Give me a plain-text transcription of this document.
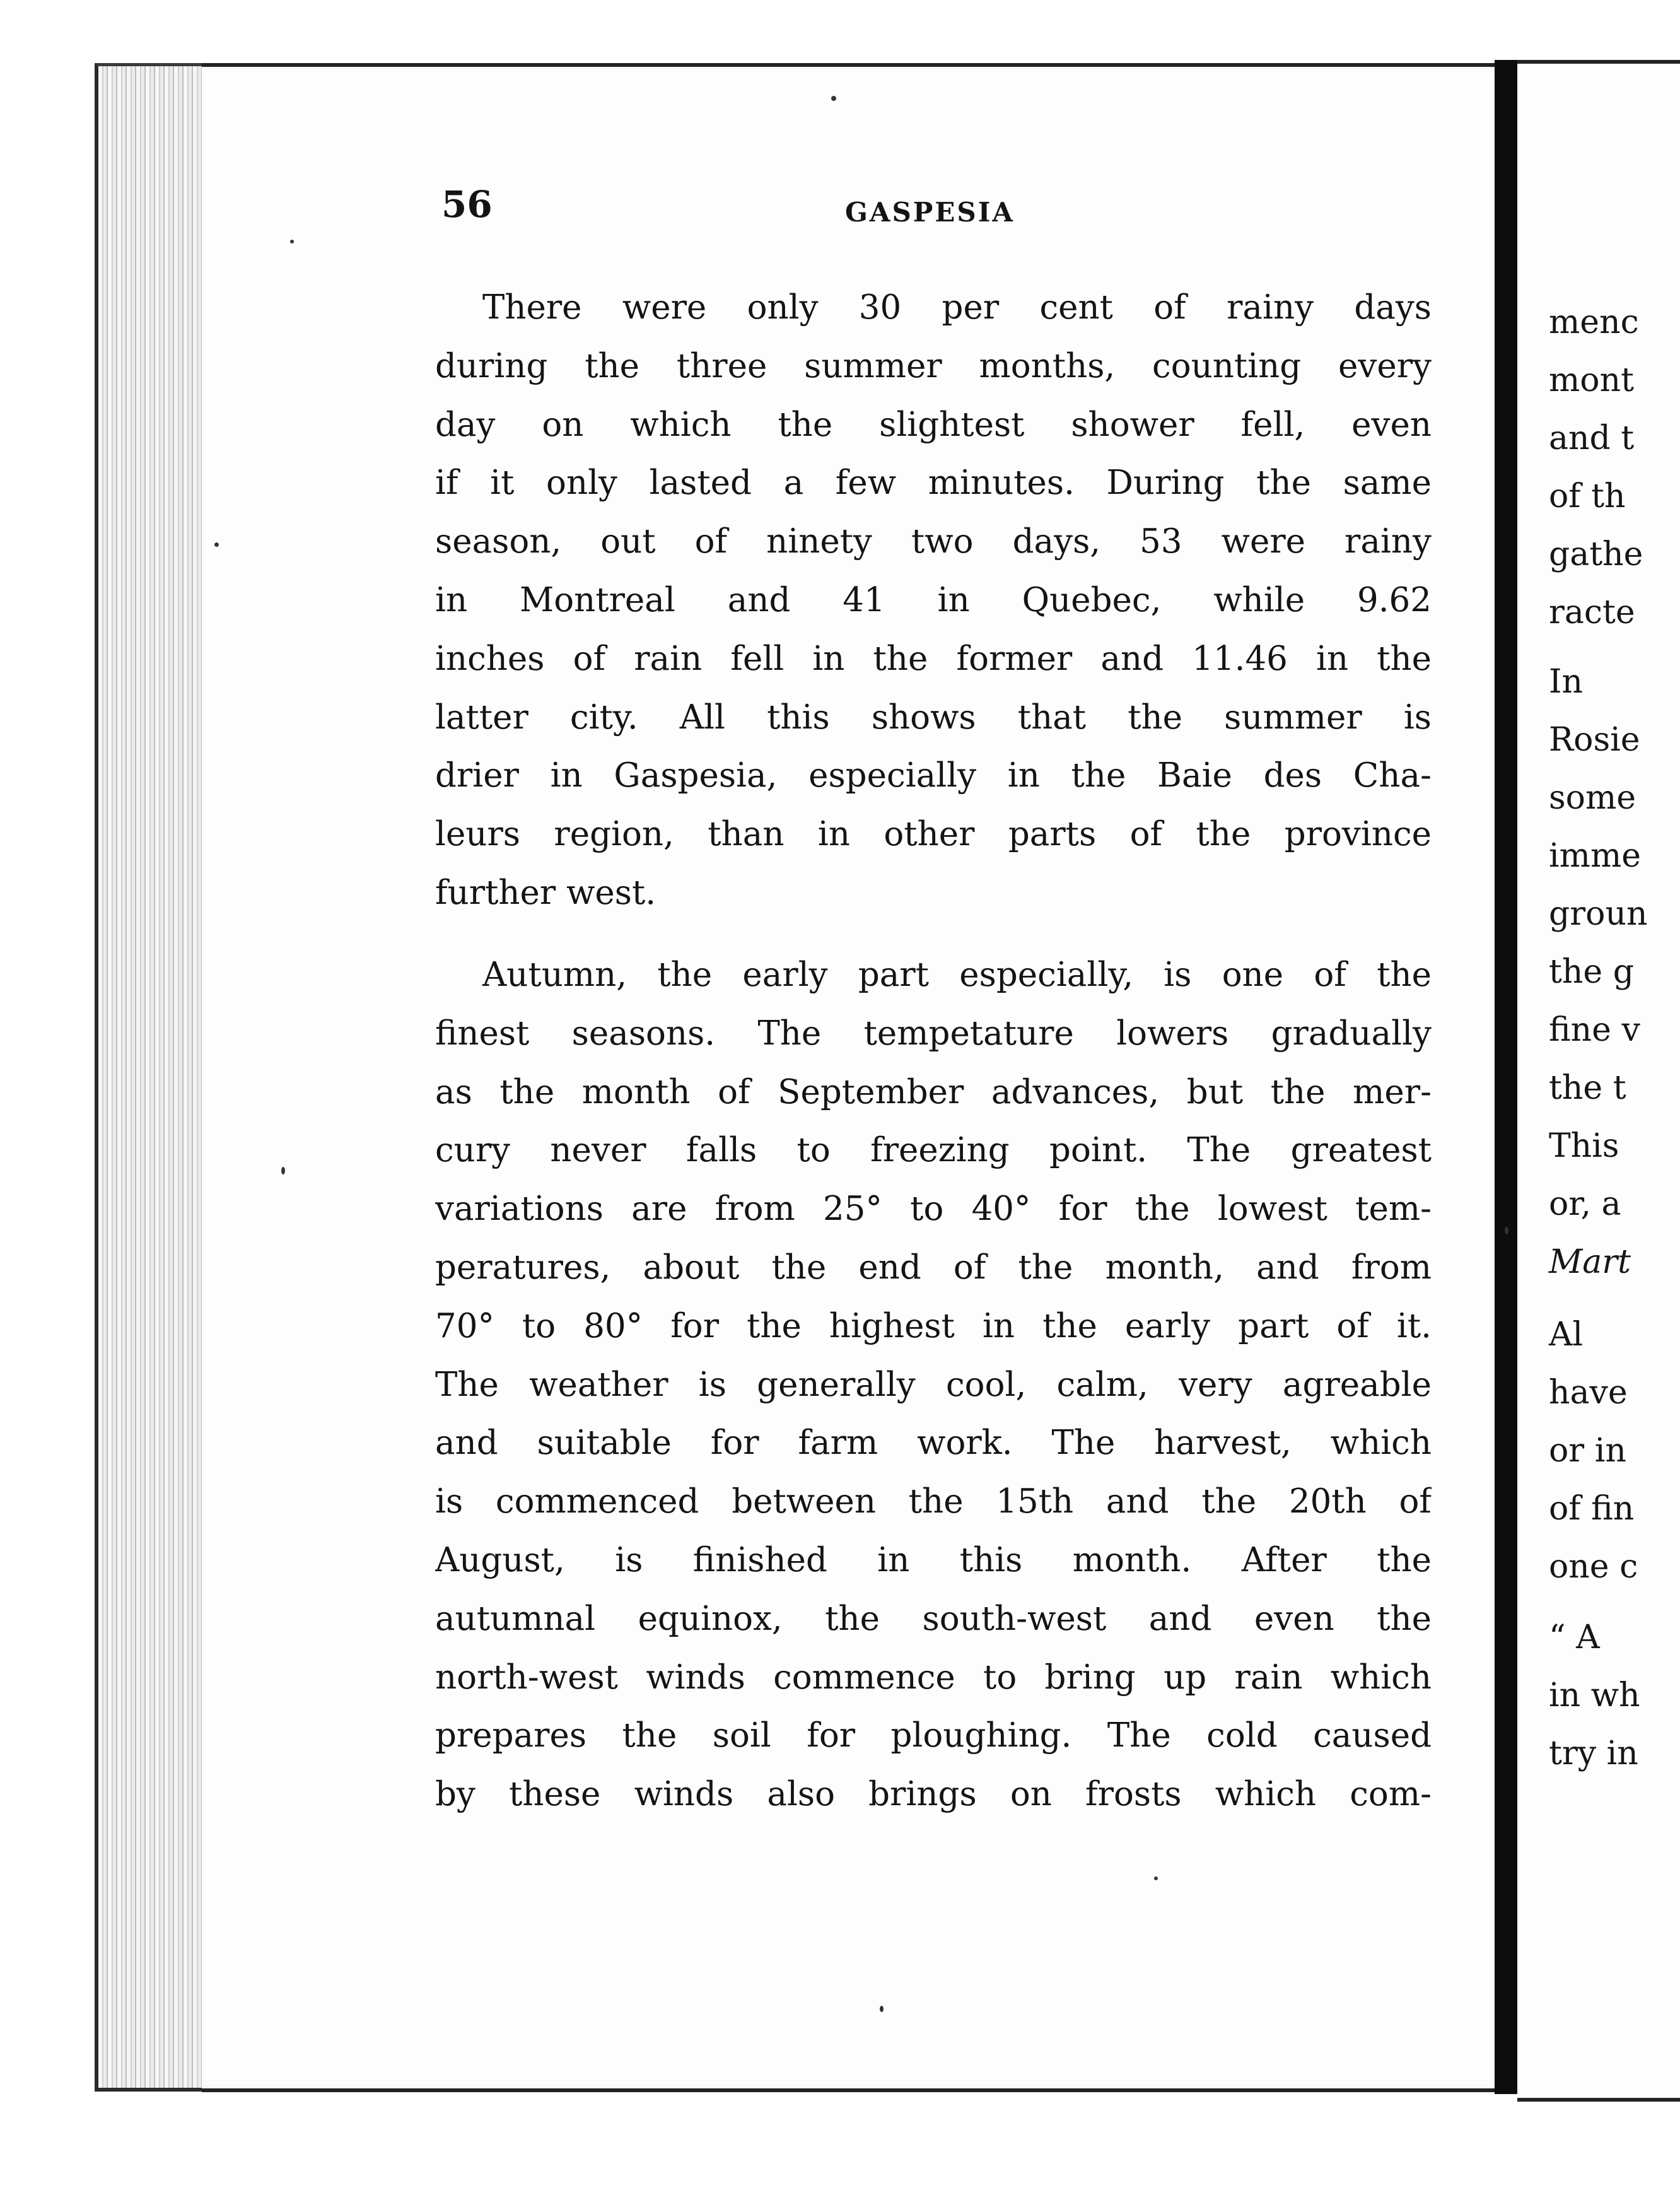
56	GASPESIA
There were only 30 per cent of rainy days
during the three summer months, counting every
day on which the slightest shower fell, even
if it only lasted a few minutes. During the same
season, out of ninety two days, 53 were rainy
in Montreal and 41 in Quebec, while 9.62
inches of rain fell in the former and 11.46 in the
latter city. All this shows that the summer is
drier in Gaspesia, especially in the Baie des Cha-
leurs region, than in other parts of the province
further west.
Autumn, the early part especially, is one of the
finest seasons. The tempetature lowers gradually
as the month of September advances, but the mer-
cury never falls to freezing point. The greatest
variations are from 25° to 40° for the lowest tem-
peratures, about the end of the month, and from
70° to 80° for the highest in the early part of it.
The weather is generally cool, calm, very agreable
and suitable for farm work. The harvest, which
is commenced between the 15th and the 20th of
August, is finished in this month. After the
autumnal equinox, the south-west and even the
north-west winds commence to bring up rain which
prepares the soil for ploughing. The cold caused
by these winds also brings on frosts which com-
menc
mont
and t
of th
gathe
racte
In
Rosie
some
imme
groun
the g
fine v
the t
This
or, a
Mart
Al
have
or in
of fin
one c
“ A
in wh
try in
